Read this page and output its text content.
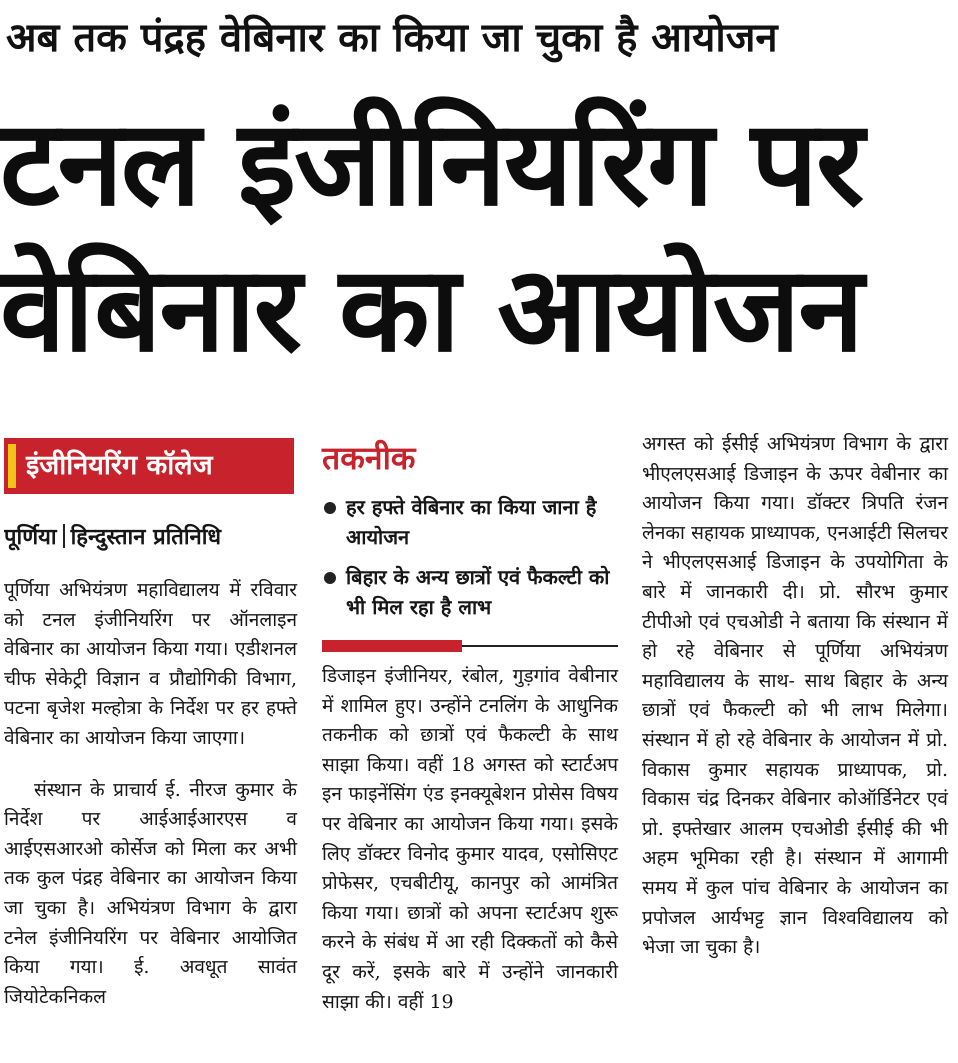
अब तक पंद्रह वेबिनार का किया जा चुका है आयोजन
टनल इंजीनियरिंग पर
वेबिनार का आयोजन
इंजीनियरिंग कॉलेज
पूर्णिया हिन्दुस्तान प्रतिनिधि

पूर्णिया अभियंत्रण महाविद्यालय में रविवार को टनल इंजीनियरिंग पर ऑनलाइन वेबिनार का आयोजन किया गया। एडीशनल चीफ सेकेट्री विज्ञान व प्रौद्योगिकी विभाग, पटना बृजेश मल्होत्रा के निर्देश पर हर हफ्ते वेबिनार का आयोजन किया जाएगा।

संस्थान के प्राचार्य ई. नीरज कुमार के निर्देश पर आईआईआरएस व आईएसआरओ कोर्सेज को मिला कर अभी तक कुल पंद्रह वेबिनार का आयोजन किया जा चुका है। अभियंत्रण विभाग के द्वारा टनेल इंजीनियरिंग पर वेबिनार आयोजित किया गया। ई. अवधूत सावंत जियोटेकनिकल

तकनीक
हर हफ्ते वेबिनार का किया जाना है आयोजन
बिहार के अन्य छात्रों एवं फैकल्टी को भी मिल रहा है लाभ

डिजाइन इंजीनियर, रंबोल, गुड़गांव वेबीनार में शामिल हुए। उन्होंने टनलिंग के आधुनिक तकनीक को छात्रों एवं फैकल्टी के साथ साझा किया। वहीं 18 अगस्त को स्टार्टअप इन फाइनेंसिंग एंड इनक्यूबेशन प्रोसेस विषय पर वेबिनार का आयोजन किया गया। इसके लिए डॉक्टर विनोद कुमार यादव, एसोसिएट प्रोफेसर, एचबीटीयू, कानपुर को आमंत्रित किया गया। छात्रों को अपना स्टार्टअप शुरू करने के संबंध में आ रही दिक्कतों को कैसे दूर करें, इसके बारे में उन्होंने जानकारी साझा की। वहीं 19

अगस्त को ईसीई अभियंत्रण विभाग के द्वारा भीएलएसआई डिजाइन के ऊपर वेबीनार का आयोजन किया गया। डॉक्टर त्रिपति रंजन लेनका सहायक प्राध्यापक, एनआईटी सिलचर ने भीएलएसआई डिजाइन के उपयोगिता के बारे में जानकारी दी। प्रो. सौरभ कुमार टीपीओ एवं एचओडी ने बताया कि संस्थान में हो रहे वेबिनार से पूर्णिया अभियंत्रण महाविद्यालय के साथ- साथ बिहार के अन्य छात्रों एवं फैकल्टी को भी लाभ मिलेगा। संस्थान में हो रहे वेबिनार के आयोजन में प्रो. विकास कुमार सहायक प्राध्यापक, प्रो. विकास चंद्र दिनकर वेबिनार कोऑर्डिनेटर एवं प्रो. इफ्तेखार आलम एचओडी ईसीई की भी अहम भूमिका रही है। संस्थान में आगामी समय में कुल पांच वेबिनार के आयोजन का प्रपोजल आर्यभट्ट ज्ञान विश्वविद्यालय को भेजा जा चुका है।
